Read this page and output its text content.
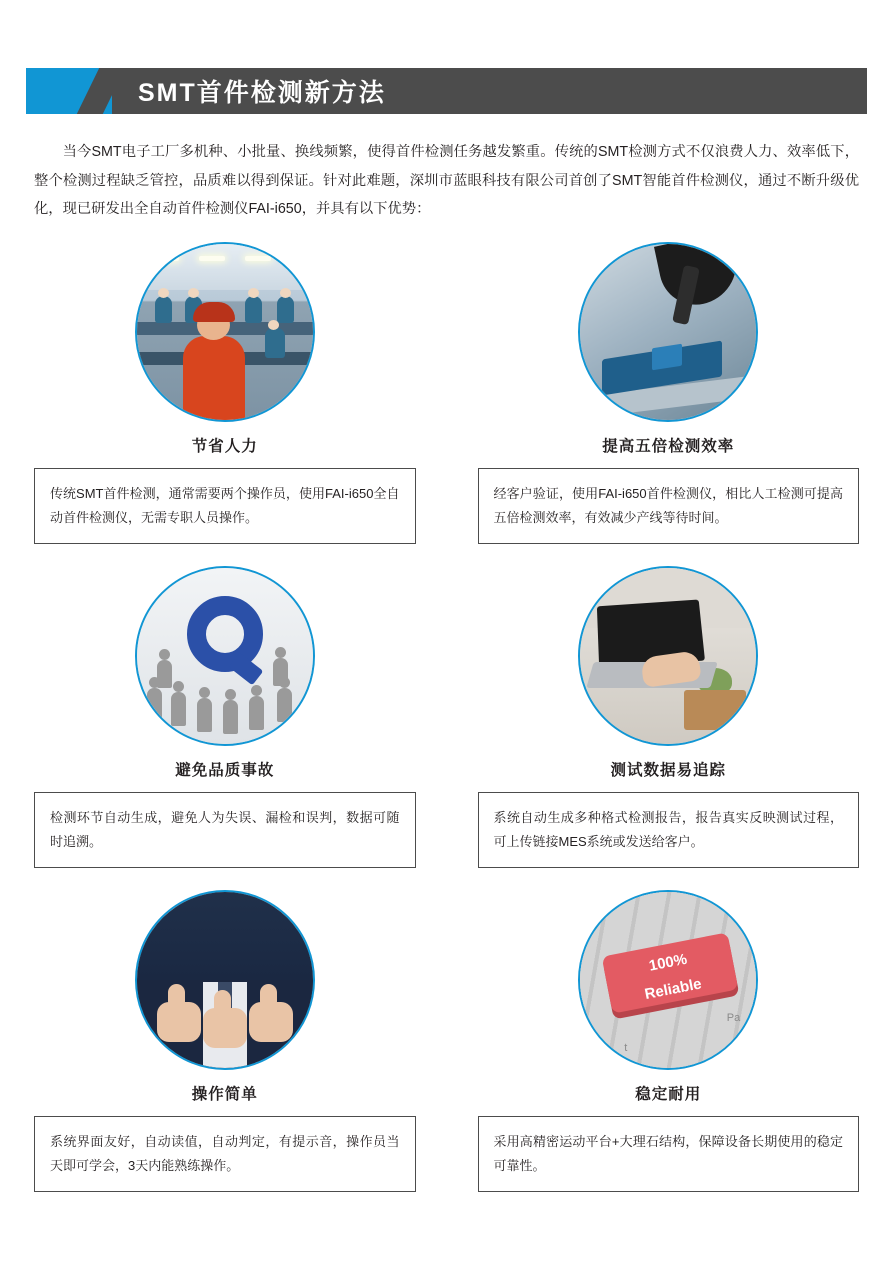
SMT首件检测新方法

当今SMT电子工厂多机种、小批量、换线频繁，使得首件检测任务越发繁重。传统的SMT检测方式不仅浪费人力、效率低下，整个检测过程缺乏管控，品质难以得到保证。针对此难题，深圳市蓝眼科技有限公司首创了SMT智能首件检测仪，通过不断升级优化，现已研发出全自动首件检测仪FAI-i650，并具有以下优势：

节省人力
传统SMT首件检测，通常需要两个操作员，使用FAI-i650全自动首件检测仪，无需专职人员操作。
提高五倍检测效率
经客户验证，使用FAI-i650首件检测仪，相比人工检测可提高五倍检测效率，有效减少产线等待时间。
避免品质事故
检测环节自动生成，避免人为失误、漏检和误判，数据可随时追溯。
测试数据易追踪
系统自动生成多种格式检测报告，报告真实反映测试过程，可上传链接MES系统或发送给客户。
操作简单
系统界面友好，自动读值，自动判定，有提示音，操作员当天即可学会，3天内能熟练操作。
100%
Reliable
Pa
t
稳定耐用
采用高精密运动平台+大理石结构，保障设备长期使用的稳定可靠性。
